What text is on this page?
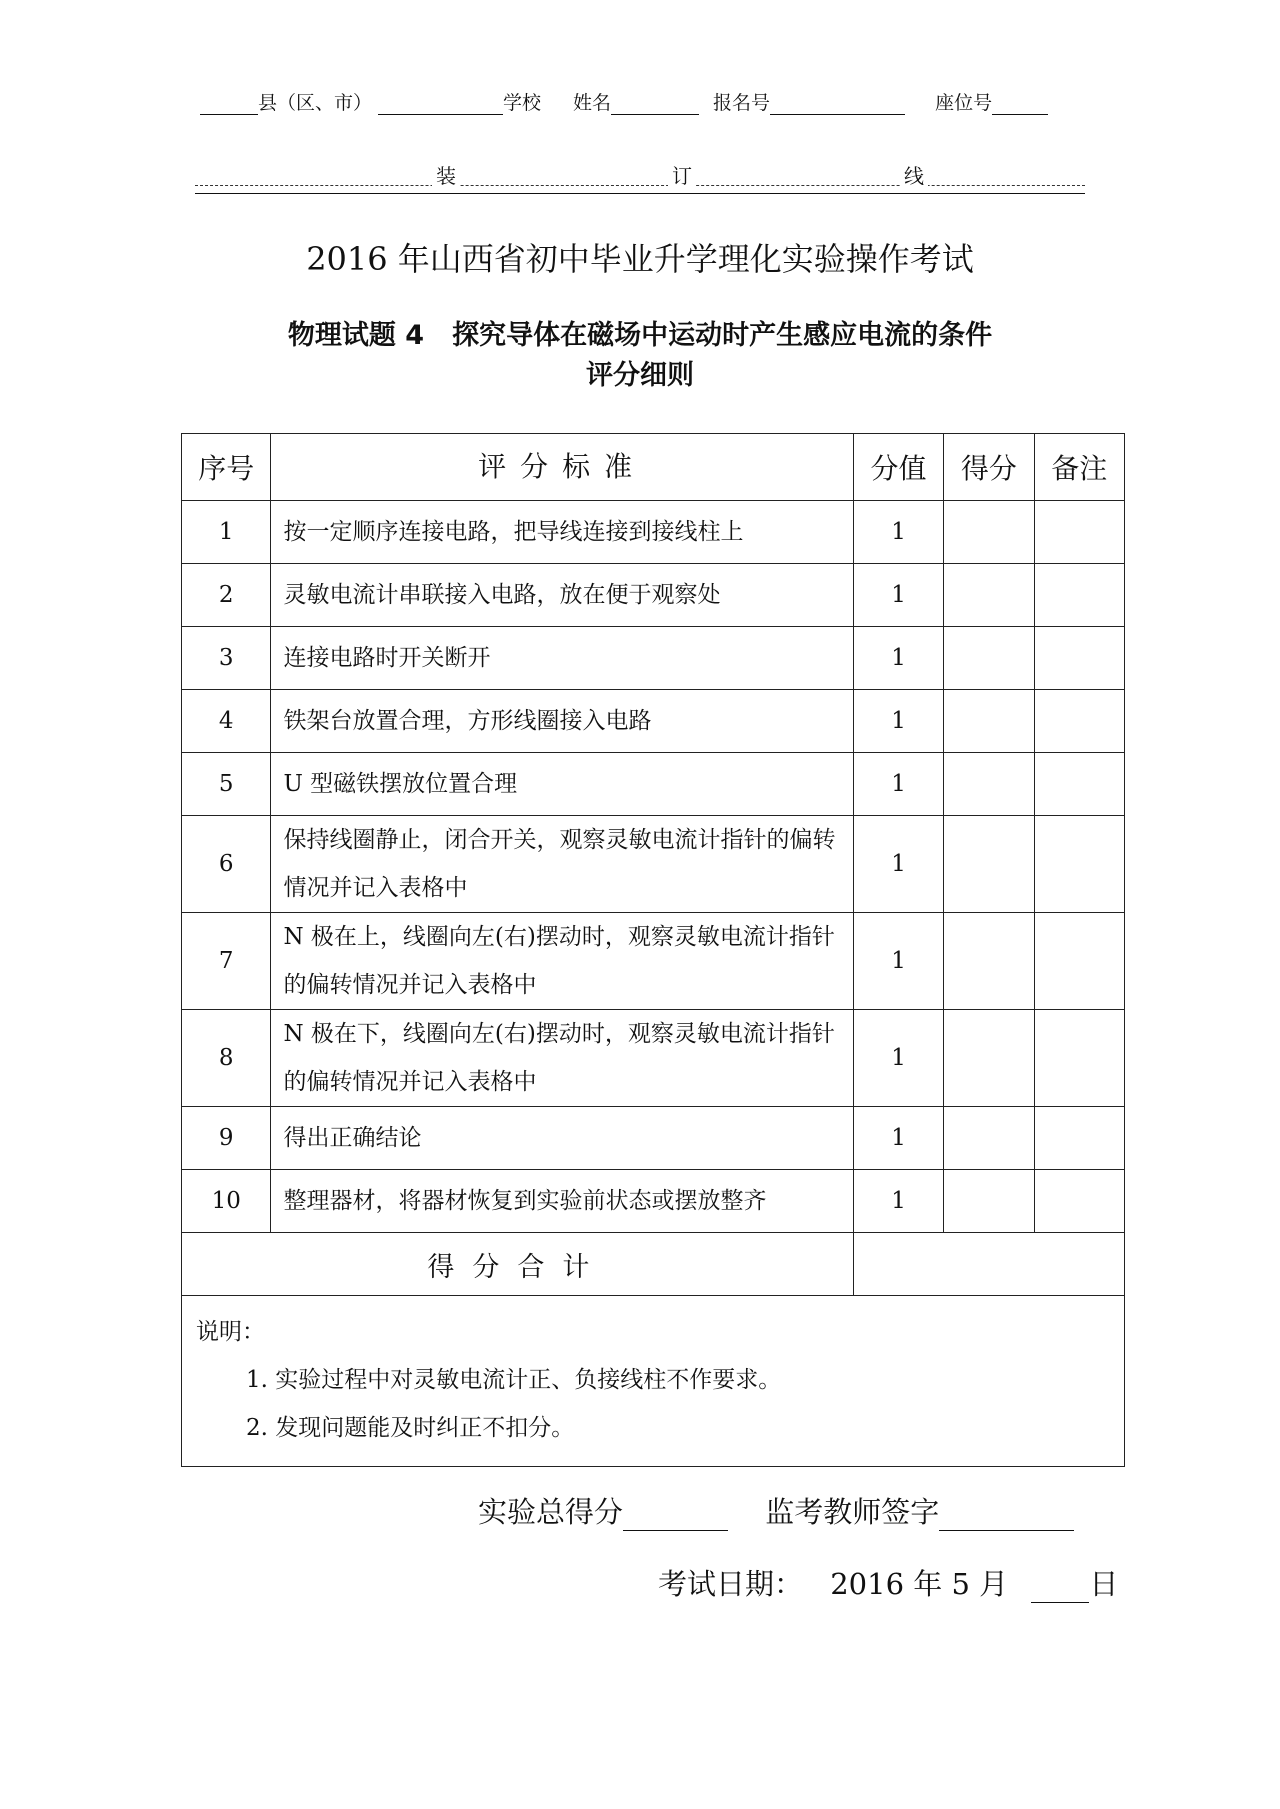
县（区、市）	学校 姓名	报名号	座位号
装	订	线
2016 年山西省初中毕业升学理化实验操作考试
物理试题 4 探究导体在磁场中运动时产生感应电流的条件
评分细则
序号	评分标准	分值	得分	备注
1	按一定顺序连接电路，把导线连接到接线柱上	1		
2	灵敏电流计串联接入电路，放在便于观察处	1		
3	连接电路时开关断开	1		
4	铁架台放置合理，方形线圈接入电路	1		
5	U 型磁铁摆放位置合理	1		
6	保持线圈静止，闭合开关，观察灵敏电流计指针的偏转情况并记入表格中	1		
7	N 极在上，线圈向左(右)摆动时，观察灵敏电流计指针的偏转情况并记入表格中	1		
8	N 极在下，线圈向左(右)摆动时，观察灵敏电流计指针的偏转情况并记入表格中	1		
9	得出正确结论	1		
10	整理器材，将器材恢复到实验前状态或摆放整齐	1		
得分合计				

说明：
1. 实验过程中对灵敏电流计正、负接线柱不作要求。
2. 发现问题能及时纠正不扣分。				
实验总得分	监考教师签字
考试日期： 2016 年 5 月	日
